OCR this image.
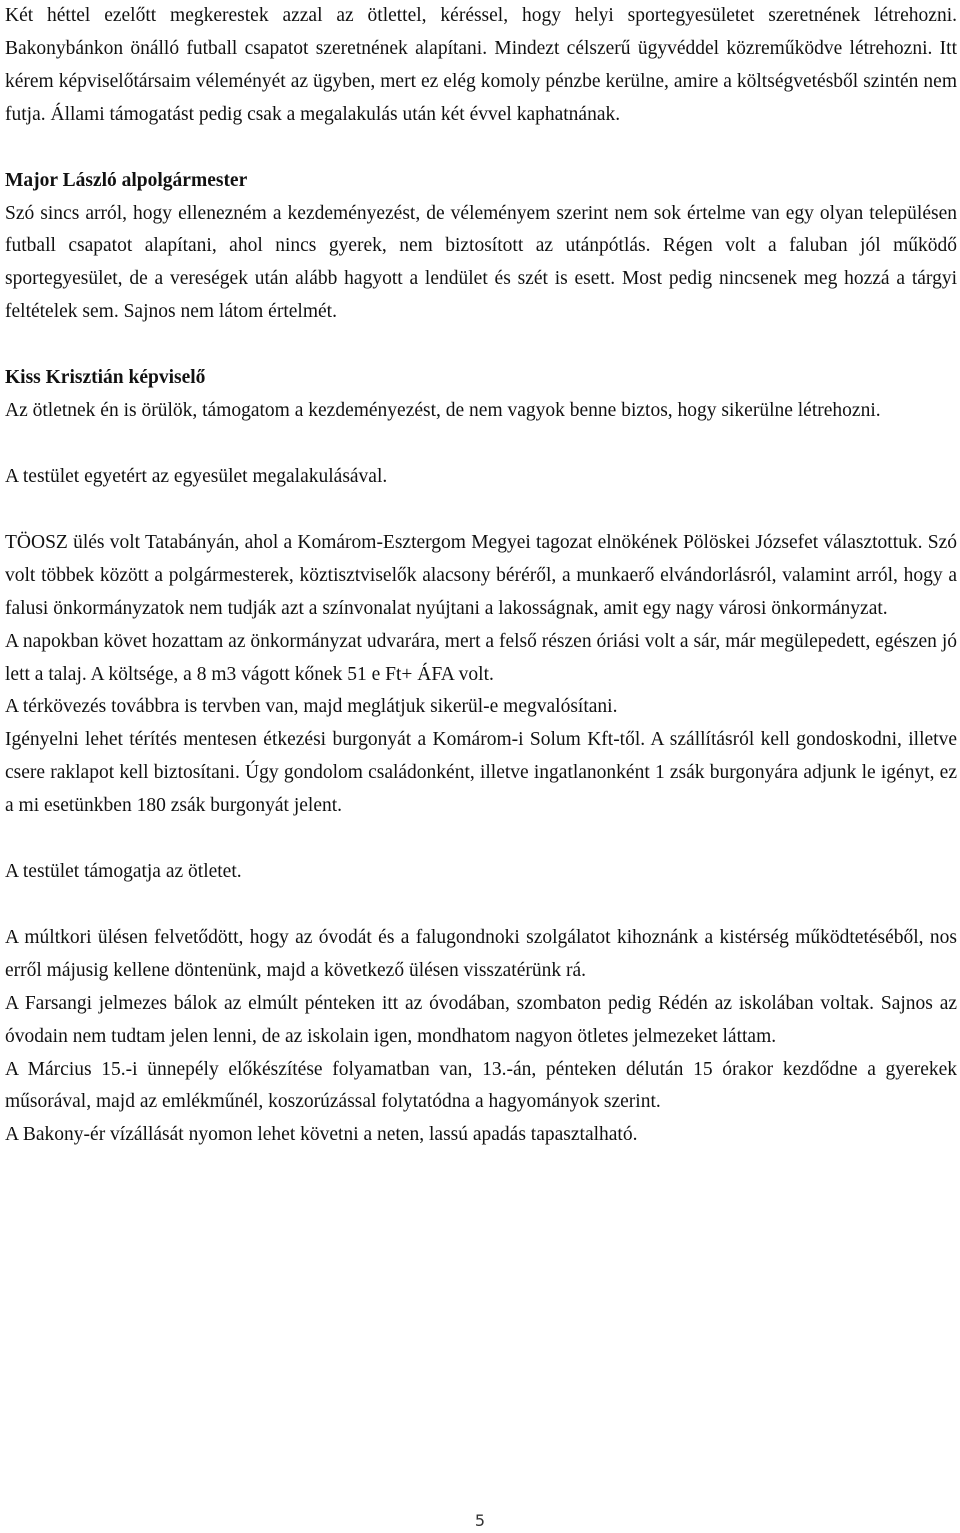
Két héttel ezelőtt megkerestek azzal az ötlettel, kéréssel, hogy helyi sportegyesületet szeretnének létrehozni. Bakonybánkon önálló futball csapatot szeretnének alapítani. Mindezt célszerű ügyvéddel közreműködve létrehozni. Itt kérem képviselőtársaim véleményét az ügyben, mert ez elég komoly pénzbe kerülne, amire a költségvetésből szintén nem futja. Állami támogatást pedig csak a megalakulás után két évvel kaphatnának.

Major László alpolgármester

Szó sincs arról, hogy ellenezném a kezdeményezést, de véleményem szerint nem sok értelme van egy olyan településen futball csapatot alapítani, ahol nincs gyerek, nem biztosított az utánpótlás. Régen volt a faluban jól működő sportegyesület, de a vereségek után alább hagyott a lendület és szét is esett. Most pedig nincsenek meg hozzá a tárgyi feltételek sem. Sajnos nem látom értelmét.

Kiss Krisztián képviselő

Az ötletnek én is örülök, támogatom a kezdeményezést, de nem vagyok benne biztos, hogy sikerülne létrehozni.

A testület egyetért az egyesület megalakulásával.

TÖOSZ ülés volt Tatabányán, ahol a Komárom-Esztergom Megyei tagozat elnökének Pölöskei Józsefet választottuk. Szó volt többek között a polgármesterek, köztisztviselők alacsony béréről, a munkaerő elvándorlásról, valamint arról, hogy a falusi önkormányzatok nem tudják azt a színvonalat nyújtani a lakosságnak, amit egy nagy városi önkormányzat.

A napokban követ hozattam az önkormányzat udvarára, mert a felső részen óriási volt a sár, már megülepedett, egészen jó lett a talaj. A költsége, a 8 m3 vágott kőnek 51 e Ft+ ÁFA volt.

A térkövezés továbbra is tervben van, majd meglátjuk sikerül-e megvalósítani.

Igényelni lehet térítés mentesen étkezési burgonyát a Komárom-i Solum Kft-től. A szállításról kell gondoskodni, illetve csere raklapot kell biztosítani. Úgy gondolom családonként, illetve ingatlanonként 1 zsák burgonyára adjunk le igényt, ez a mi esetünkben 180 zsák burgonyát jelent.

A testület támogatja az ötletet.

A múltkori ülésen felvetődött, hogy az óvodát és a falugondnoki szolgálatot kihoznánk a kistérség működtetéséből, nos erről májusig kellene döntenünk, majd a következő ülésen visszatérünk rá.

A Farsangi jelmezes bálok az elmúlt pénteken itt az óvodában, szombaton pedig Rédén az iskolában voltak. Sajnos az óvodain nem tudtam jelen lenni, de az iskolain igen, mondhatom nagyon ötletes jelmezeket láttam.

A Március 15.-i ünnepély előkészítése folyamatban van, 13.-án, pénteken délután 15 órakor kezdődne a gyerekek műsorával, majd az emlékműnél, koszorúzással folytatódna a hagyományok szerint.

A Bakony-ér vízállását nyomon lehet követni a neten, lassú apadás tapasztalható.

5
